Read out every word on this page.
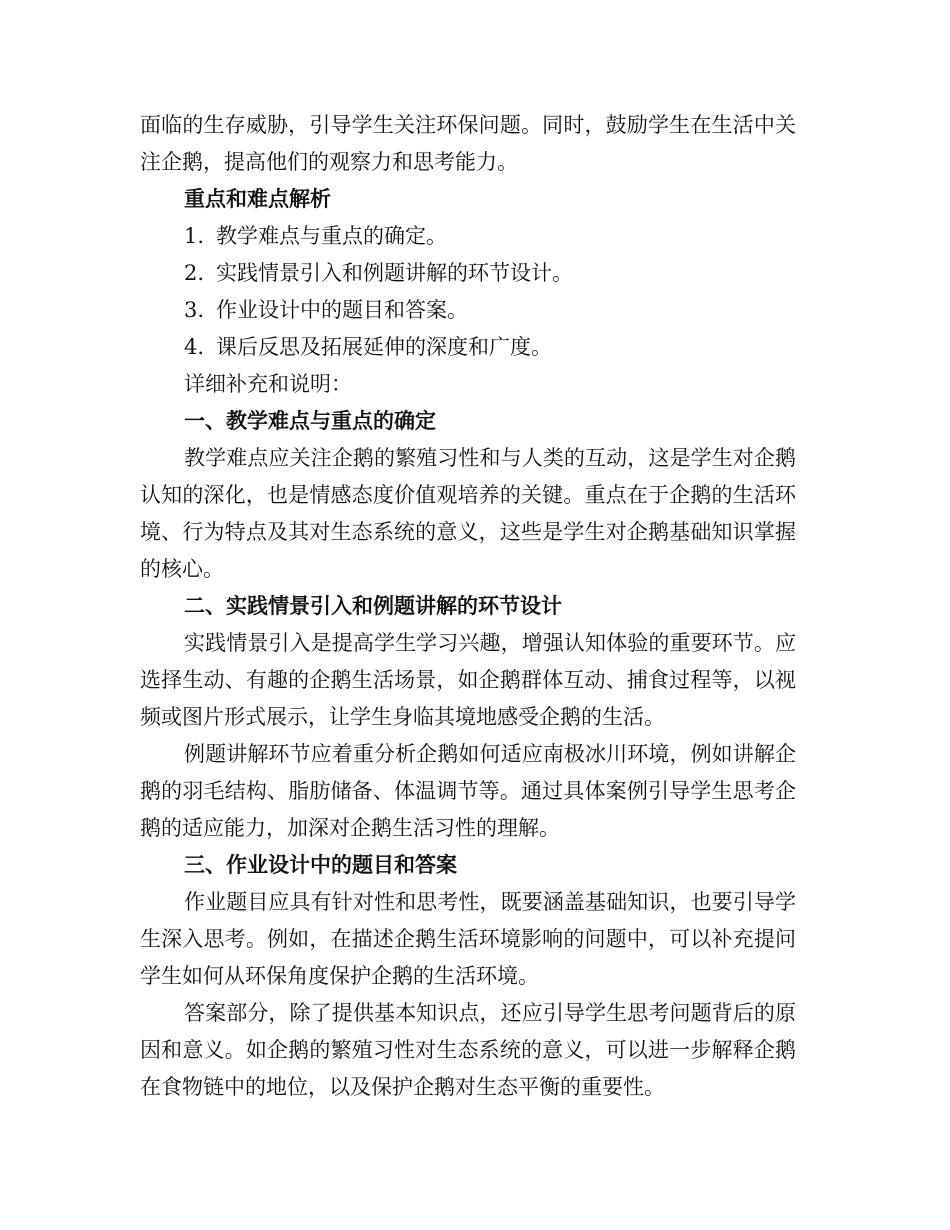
面临的生存威胁，引导学生关注环保问题。同时，鼓励学生在生活中关注企鹅，提高他们的观察力和思考能力。

重点和难点解析

1. 教学难点与重点的确定。

2. 实践情景引入和例题讲解的环节设计。

3. 作业设计中的题目和答案。

4. 课后反思及拓展延伸的深度和广度。

详细补充和说明：

一、教学难点与重点的确定

教学难点应关注企鹅的繁殖习性和与人类的互动，这是学生对企鹅认知的深化，也是情感态度价值观培养的关键。重点在于企鹅的生活环境、行为特点及其对生态系统的意义，这些是学生对企鹅基础知识掌握的核心。

二、实践情景引入和例题讲解的环节设计

实践情景引入是提高学生学习兴趣，增强认知体验的重要环节。应选择生动、有趣的企鹅生活场景，如企鹅群体互动、捕食过程等，以视频或图片形式展示，让学生身临其境地感受企鹅的生活。

例题讲解环节应着重分析企鹅如何适应南极冰川环境，例如讲解企鹅的羽毛结构、脂肪储备、体温调节等。通过具体案例引导学生思考企鹅的适应能力，加深对企鹅生活习性的理解。

三、作业设计中的题目和答案

作业题目应具有针对性和思考性，既要涵盖基础知识，也要引导学生深入思考。例如，在描述企鹅生活环境影响的问题中，可以补充提问学生如何从环保角度保护企鹅的生活环境。

答案部分，除了提供基本知识点，还应引导学生思考问题背后的原因和意义。如企鹅的繁殖习性对生态系统的意义，可以进一步解释企鹅在食物链中的地位，以及保护企鹅对生态平衡的重要性。
